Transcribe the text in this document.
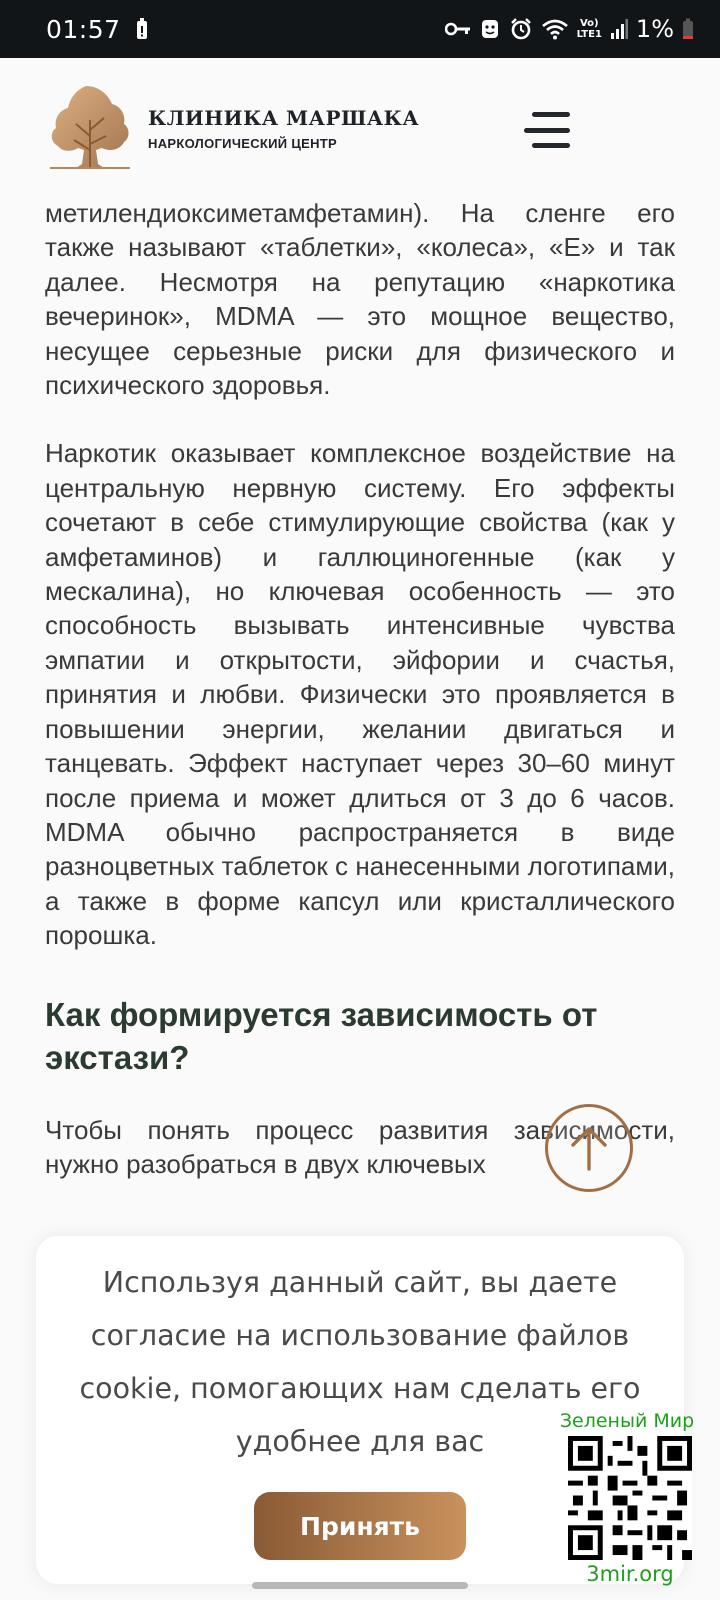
01:57	Vo)
LTE1 1%
КЛИНИКА МАРШАКА
НАРКОЛОГИЧЕСКИЙ ЦЕНТР

метилендиоксиметамфетамин). На сленге его также называют «таблетки», «колеса», «Е» и так далее. Несмотря на репутацию «наркотика вечеринок», MDMA — это мощное вещество, несущее серьезные риски для физического и психического здоровья.

Наркотик оказывает комплексное воздействие на центральную нервную систему. Его эффекты сочетают в себе стимулирующие свойства (как у амфетаминов) и галлюциногенные (как у мескалина), но ключевая особенность — это способность вызывать интенсивные чувства эмпатии и открытости, эйфории и счастья, принятия и любви. Физически это проявляется в повышении энергии, желании двигаться и танцевать. Эффект наступает через 30–60 минут после приема и может длиться от 3 до 6 часов. MDMA обычно распространяется в виде разноцветных таблеток с нанесенными логотипами, а также в форме капсул или кристаллического порошка.

Как формируется зависимость от экстази?

Чтобы понять процесс развития зависимости, нужно разобраться в двух ключевых

Используя данный сайт, вы даете согласие на использование файлов cookie, помогающих нам сделать его удобнее для вас
Принять
Зеленый Мир
3mir.org
